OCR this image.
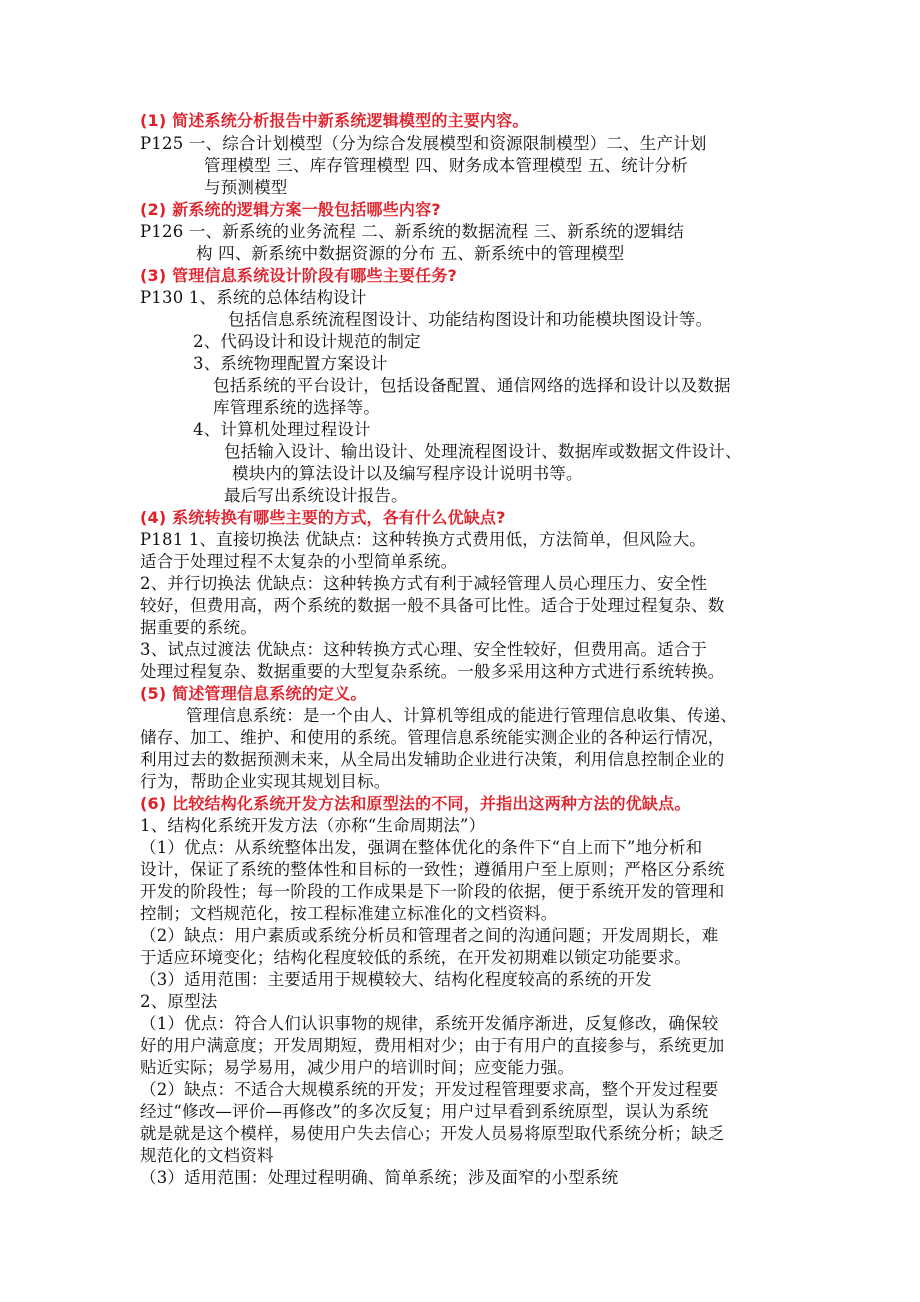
(1) 简述系统分析报告中新系统逻辑模型的主要内容。
P125 一、综合计划模型（分为综合发展模型和资源限制模型）二、生产计划
管理模型 三、库存管理模型 四、财务成本管理模型 五、统计分析
与预测模型
(2) 新系统的逻辑方案一般包括哪些内容?
P126 一、新系统的业务流程 二、新系统的数据流程 三、新系统的逻辑结
构 四、新系统中数据资源的分布 五、新系统中的管理模型
(3) 管理信息系统设计阶段有哪些主要任务?
P130 1、系统的总体结构设计
包括信息系统流程图设计、功能结构图设计和功能模块图设计等。
2、代码设计和设计规范的制定
3、系统物理配置方案设计
包括系统的平台设计，包括设备配置、通信网络的选择和设计以及数据
库管理系统的选择等。
4、计算机处理过程设计
包括输入设计、输出设计、处理流程图设计、数据库或数据文件设计、
模块内的算法设计以及编写程序设计说明书等。
最后写出系统设计报告。
(4) 系统转换有哪些主要的方式，各有什么优缺点?
P181 1、直接切换法 优缺点：这种转换方式费用低，方法简单，但风险大。
适合于处理过程不太复杂的小型简单系统。
2、并行切换法 优缺点：这种转换方式有利于减轻管理人员心理压力、安全性
较好，但费用高，两个系统的数据一般不具备可比性。适合于处理过程复杂、数
据重要的系统。
3、试点过渡法 优缺点：这种转换方式心理、安全性较好，但费用高。适合于
处理过程复杂、数据重要的大型复杂系统。一般多采用这种方式进行系统转换。
(5) 简述管理信息系统的定义。
管理信息系统：是一个由人、计算机等组成的能进行管理信息收集、传递、
储存、加工、维护、和使用的系统。管理信息系统能实测企业的各种运行情况，
利用过去的数据预测未来，从全局出发辅助企业进行决策，利用信息控制企业的
行为，帮助企业实现其规划目标。
(6) 比较结构化系统开发方法和原型法的不同，并指出这两种方法的优缺点。
1、结构化系统开发方法（亦称“生命周期法”）
（1）优点：从系统整体出发，强调在整体优化的条件下“自上而下”地分析和
设计，保证了系统的整体性和目标的一致性；遵循用户至上原则；严格区分系统
开发的阶段性；每一阶段的工作成果是下一阶段的依据，便于系统开发的管理和
控制；文档规范化，按工程标准建立标准化的文档资料。
（2）缺点：用户素质或系统分析员和管理者之间的沟通问题；开发周期长，难
于适应环境变化；结构化程度较低的系统，在开发初期难以锁定功能要求。
（3）适用范围：主要适用于规模较大、结构化程度较高的系统的开发
2、原型法
（1）优点：符合人们认识事物的规律，系统开发循序渐进，反复修改，确保较
好的用户满意度；开发周期短，费用相对少；由于有用户的直接参与，系统更加
贴近实际；易学易用，减少用户的培训时间；应变能力强。
（2）缺点：不适合大规模系统的开发；开发过程管理要求高，整个开发过程要
经过“修改—评价—再修改”的多次反复；用户过早看到系统原型，误认为系统
就是就是这个模样，易使用户失去信心；开发人员易将原型取代系统分析；缺乏
规范化的文档资料
（3）适用范围：处理过程明确、简单系统；涉及面窄的小型系统
